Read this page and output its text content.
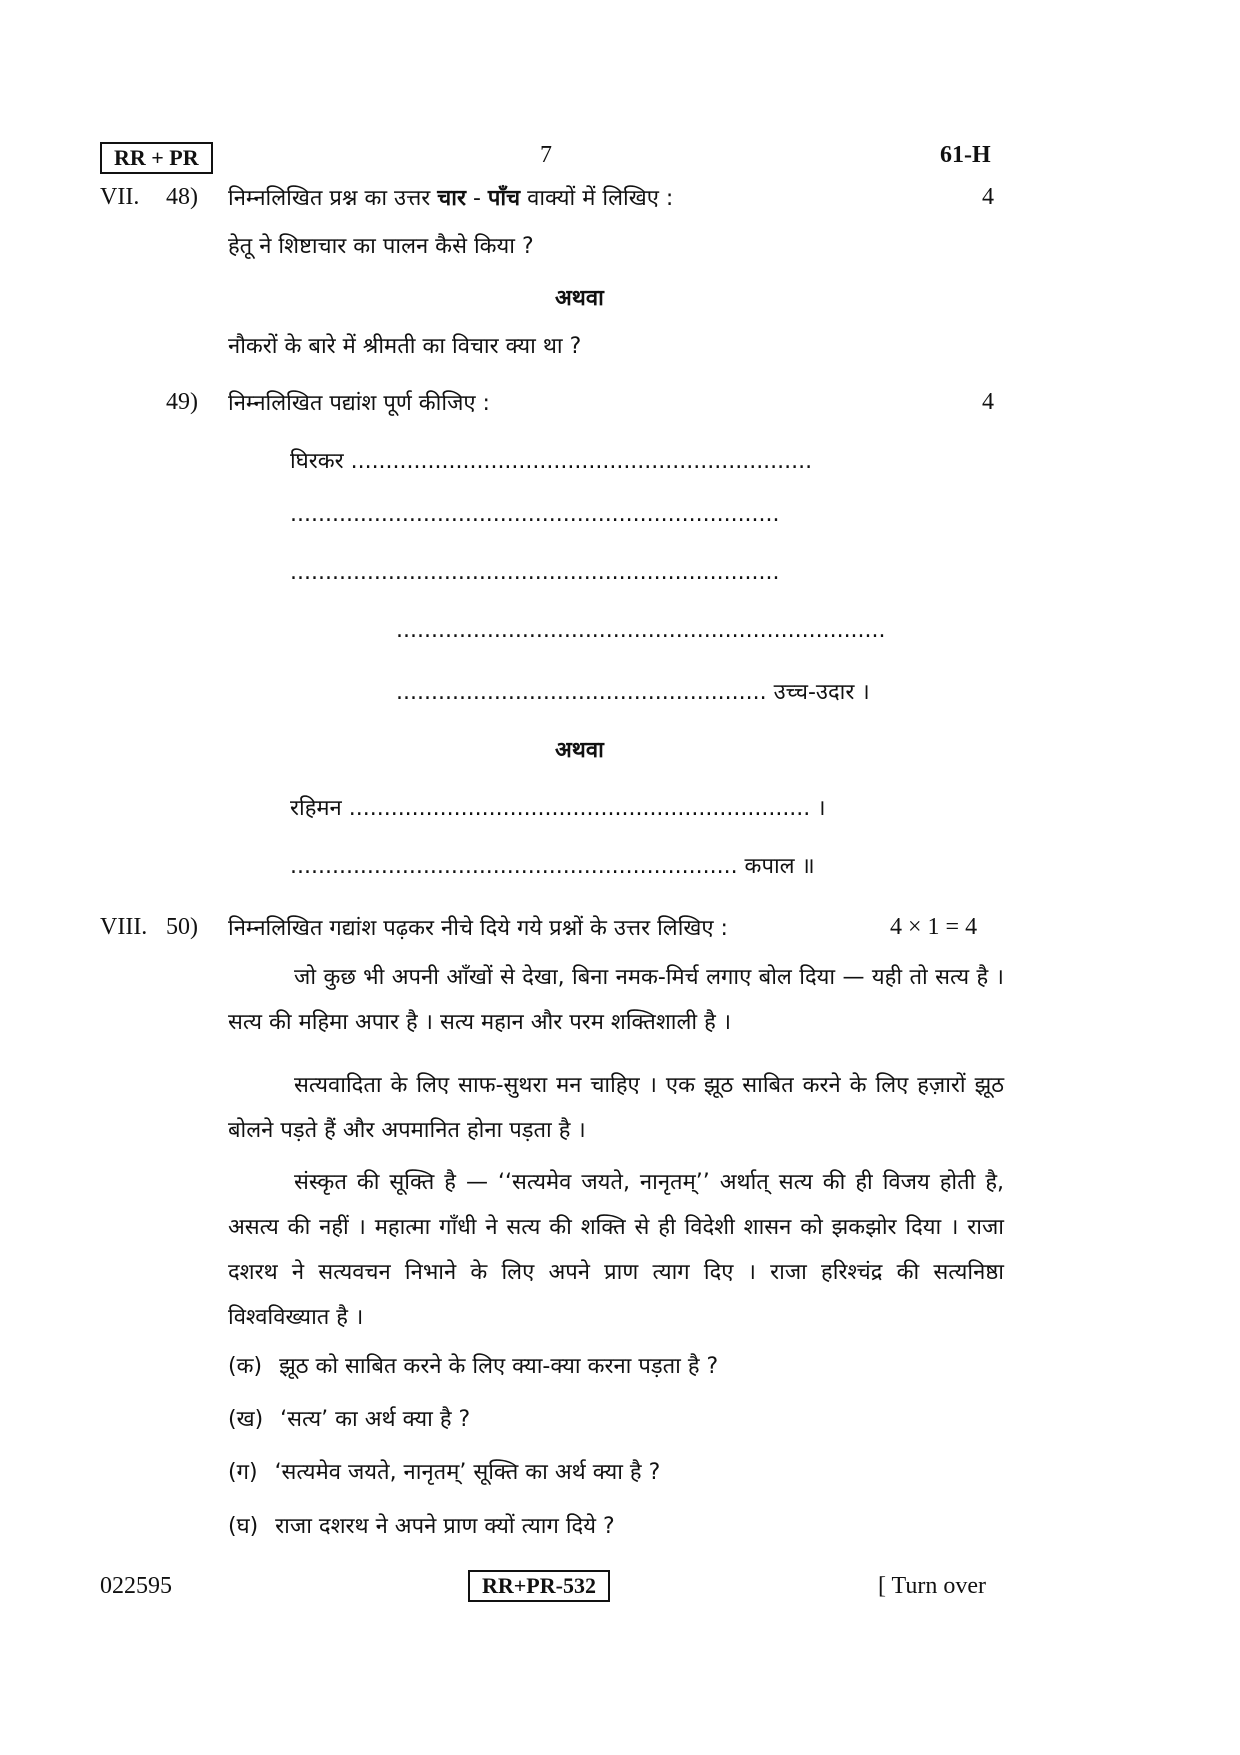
RR + PR	7	61-H
VII. 48) निम्नलिखित प्रश्न का उत्तर चार - पाँच वाक्यों में लिखिए :	4
हेतू ने शिष्टाचार का पालन कैसे किया ?
अथवा
नौकरों के बारे में श्रीमती का विचार क्या था ?
49) निम्नलिखित पद्यांश पूर्ण कीजिए :	4
घिरकर ..................................................................
......................................................................
......................................................................
......................................................................
..................................................... उच्च-उदार ।
अथवा
रहिमन .................................................................. ।
................................................................ कपाल ॥
VIII. 50) निम्नलिखित गद्यांश पढ़कर नीचे दिये गये प्रश्नों के उत्तर लिखिए :	4 × 1 = 4

जो कुछ भी अपनी आँखों से देखा, बिना नमक-मिर्च लगाए बोल दिया — यही तो सत्य है । सत्य की महिमा अपार है । सत्य महान और परम शक्तिशाली है ।

सत्यवादिता के लिए साफ-सुथरा मन चाहिए । एक झूठ साबित करने के लिए हज़ारों झूठ बोलने पड़ते हैं और अपमानित होना पड़ता है ।

संस्कृत की सूक्ति है — ‘‘सत्यमेव जयते, नानृतम्’’ अर्थात् सत्य की ही विजय होती है, असत्य की नहीं । महात्मा गाँधी ने सत्य की शक्ति से ही विदेशी शासन को झकझोर दिया । राजा दशरथ ने सत्यवचन निभाने के लिए अपने प्राण त्याग दिए । राजा हरिश्चंद्र की सत्यनिष्ठा विश्वविख्यात है ।

(क) झूठ को साबित करने के लिए क्या-क्या करना पड़ता है ?
(ख) ‘सत्य’ का अर्थ क्या है ?
(ग) ‘सत्यमेव जयते, नानृतम्’ सूक्ति का अर्थ क्या है ?
(घ) राजा दशरथ ने अपने प्राण क्यों त्याग दिये ?
022595	RR+PR-532	[ Turn over
